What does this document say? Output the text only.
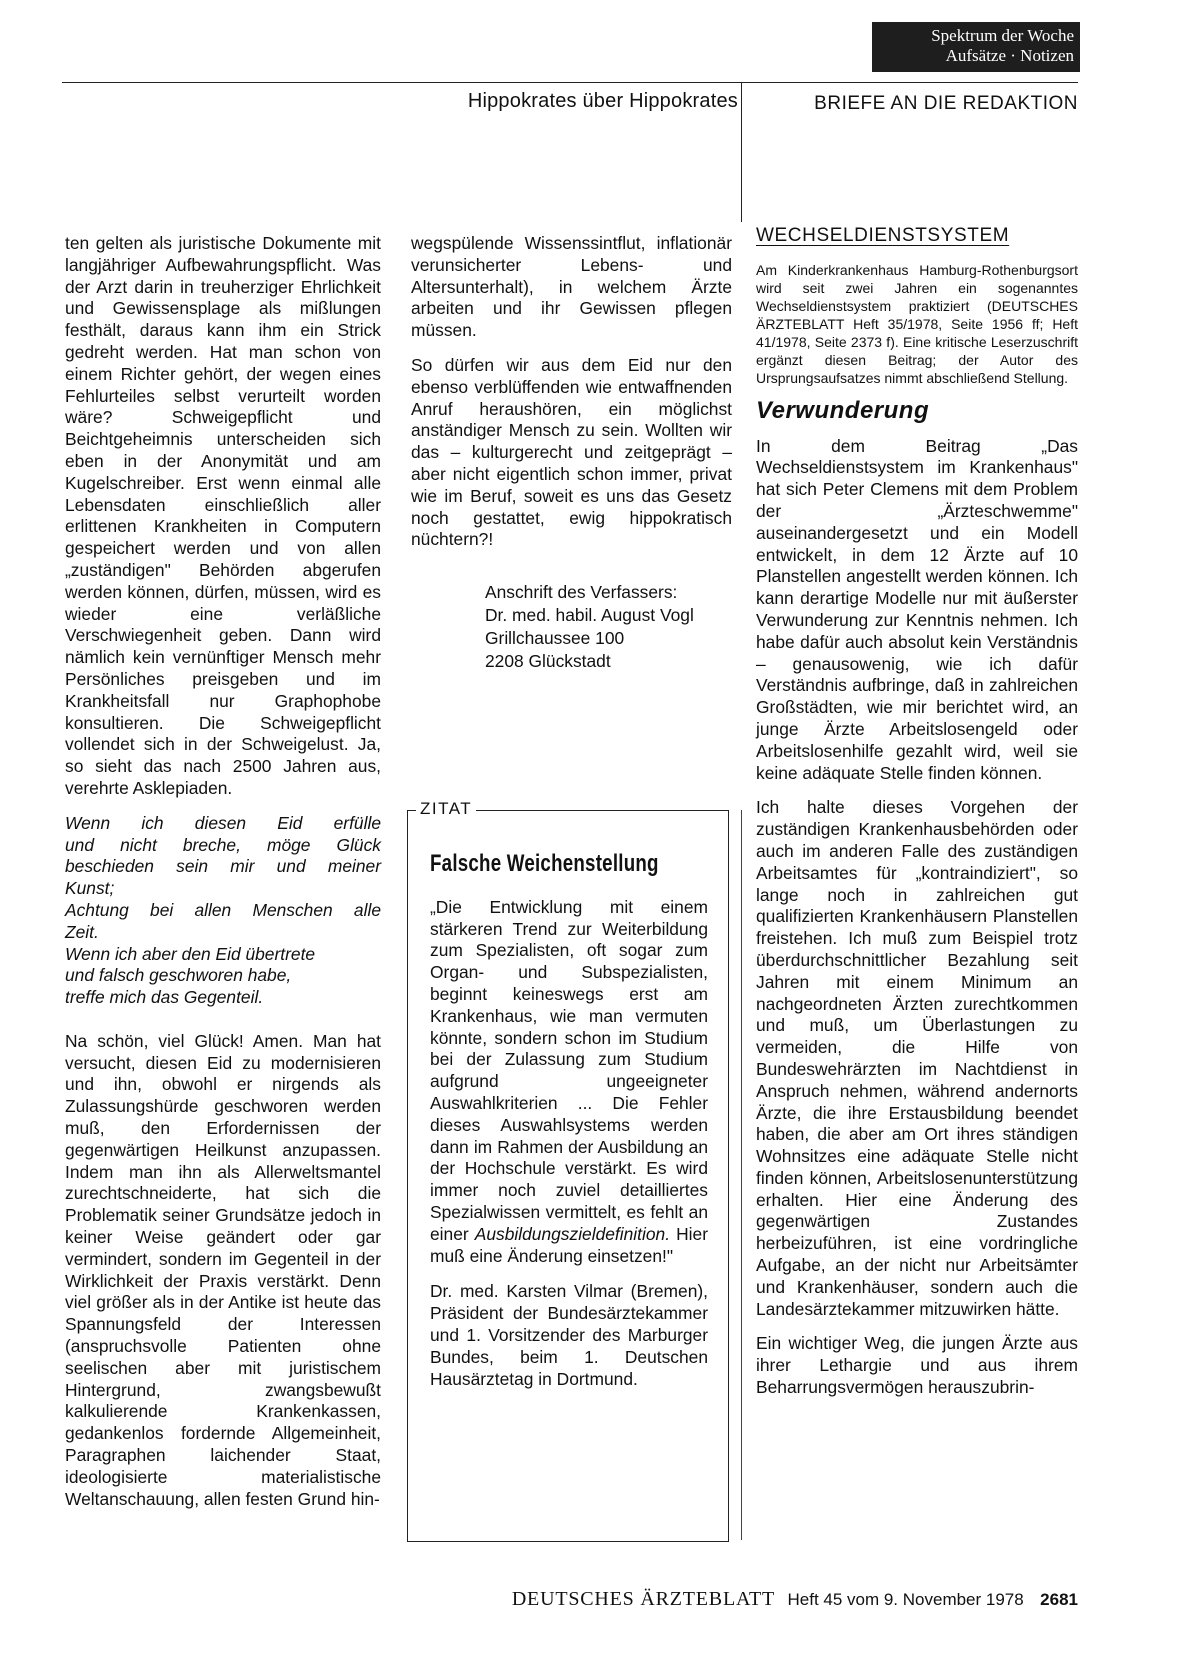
Spektrum der Woche
Aufsätze · Notizen
Hippokrates über Hippokrates	BRIEFE AN DIE REDAKTION

ten gelten als juristische Dokumente mit langjähriger Aufbewahrungspflicht. Was der Arzt darin in treuherziger Ehrlichkeit und Gewissensplage als mißlungen festhält, daraus kann ihm ein Strick gedreht werden. Hat man schon von einem Richter gehört, der wegen eines Fehlurteiles selbst verurteilt worden wäre? Schweigepflicht und Beichtgeheimnis unterscheiden sich eben in der Anonymität und am Kugelschreiber. Erst wenn einmal alle Lebensdaten einschließlich aller erlittenen Krankheiten in Computern gespeichert werden und von allen „zuständigen" Behörden abgerufen werden können, dürfen, müssen, wird es wieder eine verläßliche Verschwiegenheit geben. Dann wird nämlich kein vernünftiger Mensch mehr Persönliches preisgeben und im Krankheitsfall nur Graphophobe konsultieren. Die Schweigepflicht vollendet sich in der Schweigelust. Ja, so sieht das nach 2500 Jahren aus, verehrte Asklepiaden.

Wenn ich diesen Eid erfülle
und nicht breche, möge Glück
beschieden sein mir und meiner
Kunst;
Achtung bei allen Menschen alle
Zeit.
Wenn ich aber den Eid übertrete
und falsch geschworen habe,
treffe mich das Gegenteil.

Na schön, viel Glück! Amen. Man hat versucht, diesen Eid zu modernisieren und ihn, obwohl er nirgends als Zulassungshürde geschworen werden muß, den Erfordernissen der gegenwärtigen Heilkunst anzupassen. Indem man ihn als Allerweltsmantel zurechtschneiderte, hat sich die Problematik seiner Grundsätze jedoch in keiner Weise geändert oder gar vermindert, sondern im Gegenteil in der Wirklichkeit der Praxis verstärkt. Denn viel größer als in der Antike ist heute das Spannungsfeld der Interessen (anspruchsvolle Patienten ohne seelischen aber mit juristischem Hintergrund, zwangsbewußt kalkulierende Krankenkassen, gedankenlos fordernde Allgemeinheit, Paragraphen laichender Staat, ideologisierte materialistische Weltanschauung, allen festen Grund hin-

wegspülende Wissenssintflut, inflationär verunsicherter Lebens- und Altersunterhalt), in welchem Ärzte arbeiten und ihr Gewissen pflegen müssen.

So dürfen wir aus dem Eid nur den ebenso verblüffenden wie entwaffnenden Anruf heraushören, ein möglichst anständiger Mensch zu sein. Wollten wir das – kulturgerecht und zeitgeprägt – aber nicht eigentlich schon immer, privat wie im Beruf, soweit es uns das Gesetz noch gestattet, ewig hippokratisch nüchtern?!

Anschrift des Verfassers:
Dr. med. habil. August Vogl
Grillchaussee 100
2208 Glückstadt

ZITAT
Falsche Weichenstellung

„Die Entwicklung mit einem stärkeren Trend zur Weiterbildung zum Spezialisten, oft sogar zum Organ- und Subspezialisten, beginnt keineswegs erst am Krankenhaus, wie man vermuten könnte, sondern schon im Studium bei der Zulassung zum Studium aufgrund ungeeigneter Auswahlkriterien ... Die Fehler dieses Auswahlsystems werden dann im Rahmen der Ausbildung an der Hochschule verstärkt. Es wird immer noch zuviel detailliertes Spezialwissen vermittelt, es fehlt an einer Ausbildungszieldefinition. Hier muß eine Änderung einsetzen!"

Dr. med. Karsten Vilmar (Bremen), Präsident der Bundesärztekammer und 1. Vorsitzender des Marburger Bundes, beim 1. Deutschen Hausärztetag in Dortmund.

WECHSELDIENSTSYSTEM

Am Kinderkrankenhaus Hamburg-Rothenburgsort wird seit zwei Jahren ein sogenanntes Wechseldienstsystem praktiziert (DEUTSCHES ÄRZTEBLATT Heft 35/1978, Seite 1956 ff; Heft 41/1978, Seite 2373 f). Eine kritische Leserzuschrift ergänzt diesen Beitrag; der Autor des Ursprungsaufsatzes nimmt abschließend Stellung.

Verwunderung

In dem Beitrag „Das Wechseldienstsystem im Krankenhaus" hat sich Peter Clemens mit dem Problem der „Ärzteschwemme" auseinandergesetzt und ein Modell entwickelt, in dem 12 Ärzte auf 10 Planstellen angestellt werden können. Ich kann derartige Modelle nur mit äußerster Verwunderung zur Kenntnis nehmen. Ich habe dafür auch absolut kein Verständnis – genausowenig, wie ich dafür Verständnis aufbringe, daß in zahlreichen Großstädten, wie mir berichtet wird, an junge Ärzte Arbeitslosengeld oder Arbeitslosenhilfe gezahlt wird, weil sie keine adäquate Stelle finden können.

Ich halte dieses Vorgehen der zuständigen Krankenhausbehörden oder auch im anderen Falle des zuständigen Arbeitsamtes für „kontraindiziert", so lange noch in zahlreichen gut qualifizierten Krankenhäusern Planstellen freistehen. Ich muß zum Beispiel trotz überdurchschnittlicher Bezahlung seit Jahren mit einem Minimum an nachgeordneten Ärzten zurechtkommen und muß, um Überlastungen zu vermeiden, die Hilfe von Bundeswehrärzten im Nachtdienst in Anspruch nehmen, während andernorts Ärzte, die ihre Erstausbildung beendet haben, die aber am Ort ihres ständigen Wohnsitzes eine adäquate Stelle nicht finden können, Arbeitslosenunterstützung erhalten. Hier eine Änderung des gegenwärtigen Zustandes herbeizuführen, ist eine vordringliche Aufgabe, an der nicht nur Arbeitsämter und Krankenhäuser, sondern auch die Landesärztekammer mitzuwirken hätte.

Ein wichtiger Weg, die jungen Ärzte aus ihrer Lethargie und aus ihrem Beharrungsvermögen herauszubrin-

DEUTSCHES ÄRZTEBLATT Heft 45 vom 9. November 1978 2681
